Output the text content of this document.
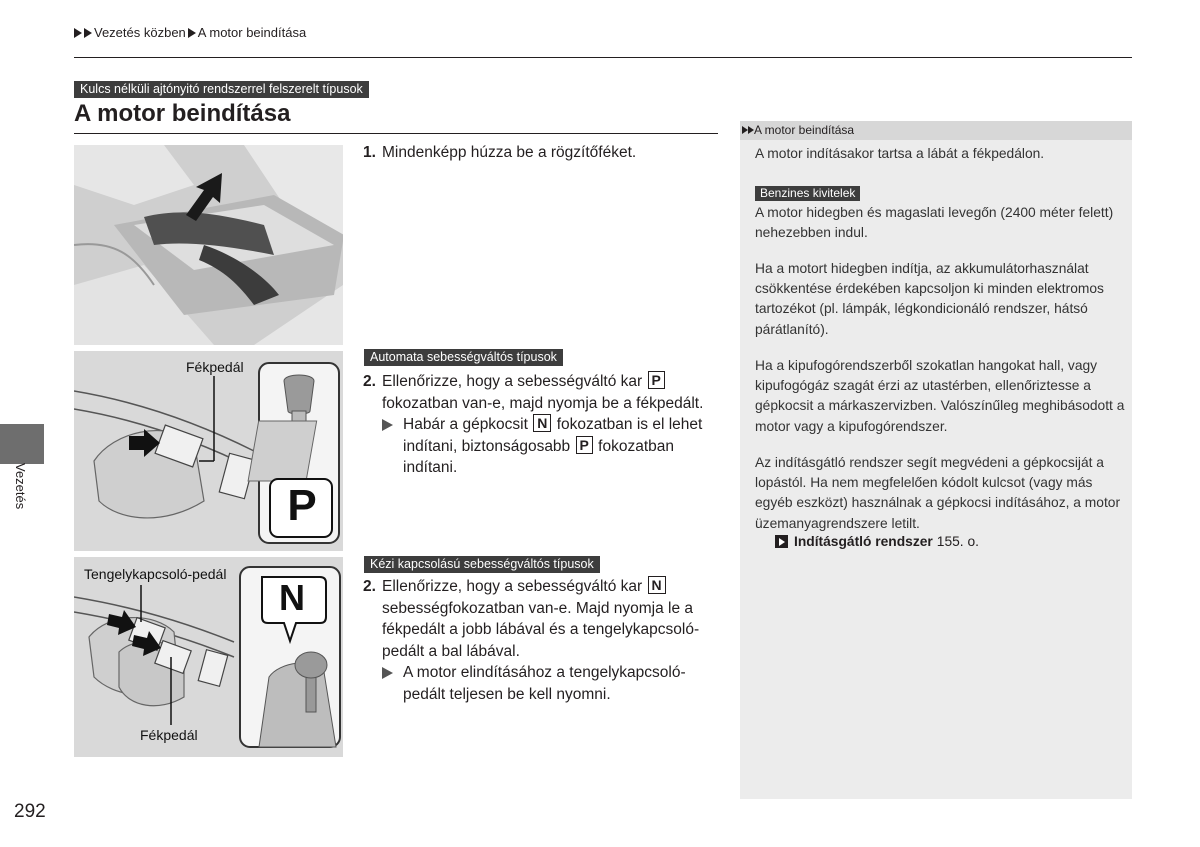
Vezetés közben A motor beindítása
Kulcs nélküli ajtónyitó rendszerrel felszerelt típusok
A motor beindítása
1. Mindenképp húzza be a rögzítőféket.
Fékpedál
P
Automata sebességváltós típusok
2. Ellenőrizze, hogy a sebességváltó kar P
fokozatban van-e, majd nyomja be a fékpedált.
Habár a gépkocsit N fokozatban is el lehet indítani, biztonságosabb P fokozatban indítani.
Tengelykapcsoló-pedál
Fékpedál
N
Kézi kapcsolású sebességváltós típusok
2. Ellenőrizze, hogy a sebességváltó kar N sebességfokozatban van-e. Majd nyomja le a fékpedált a jobb lábával és a tengelykapcsoló-pedált a bal lábával.
A motor elindításához a tengelykapcsoló-pedált teljesen be kell nyomni.
A motor beindítása
A motor indításakor tartsa a lábát a fékpedálon.
Benzines kivitelek
A motor hidegben és magaslati levegőn (2400 méter felett) nehezebben indul.
Ha a motort hidegben indítja, az akkumulátorhasználat csökkentése érdekében kapcsoljon ki minden elektromos tartozékot (pl. lámpák, légkondicionáló rendszer, hátsó párátlanító).
Ha a kipufogórendszerből szokatlan hangokat hall, vagy kipufogógáz szagát érzi az utastérben, ellenőriztesse a gépkocsit a márkaszervizben. Valószínűleg meghibásodott a motor vagy a kipufogórendszer.
Az indításgátló rendszer segít megvédeni a gépkocsiját a lopástól. Ha nem megfelelően kódolt kulcsot (vagy más egyéb eszközt) használnak a gépkocsi indításához, a motor üzemanyagrendszere letilt.
Indításgátló rendszer 155. o.
Vezetés
292
